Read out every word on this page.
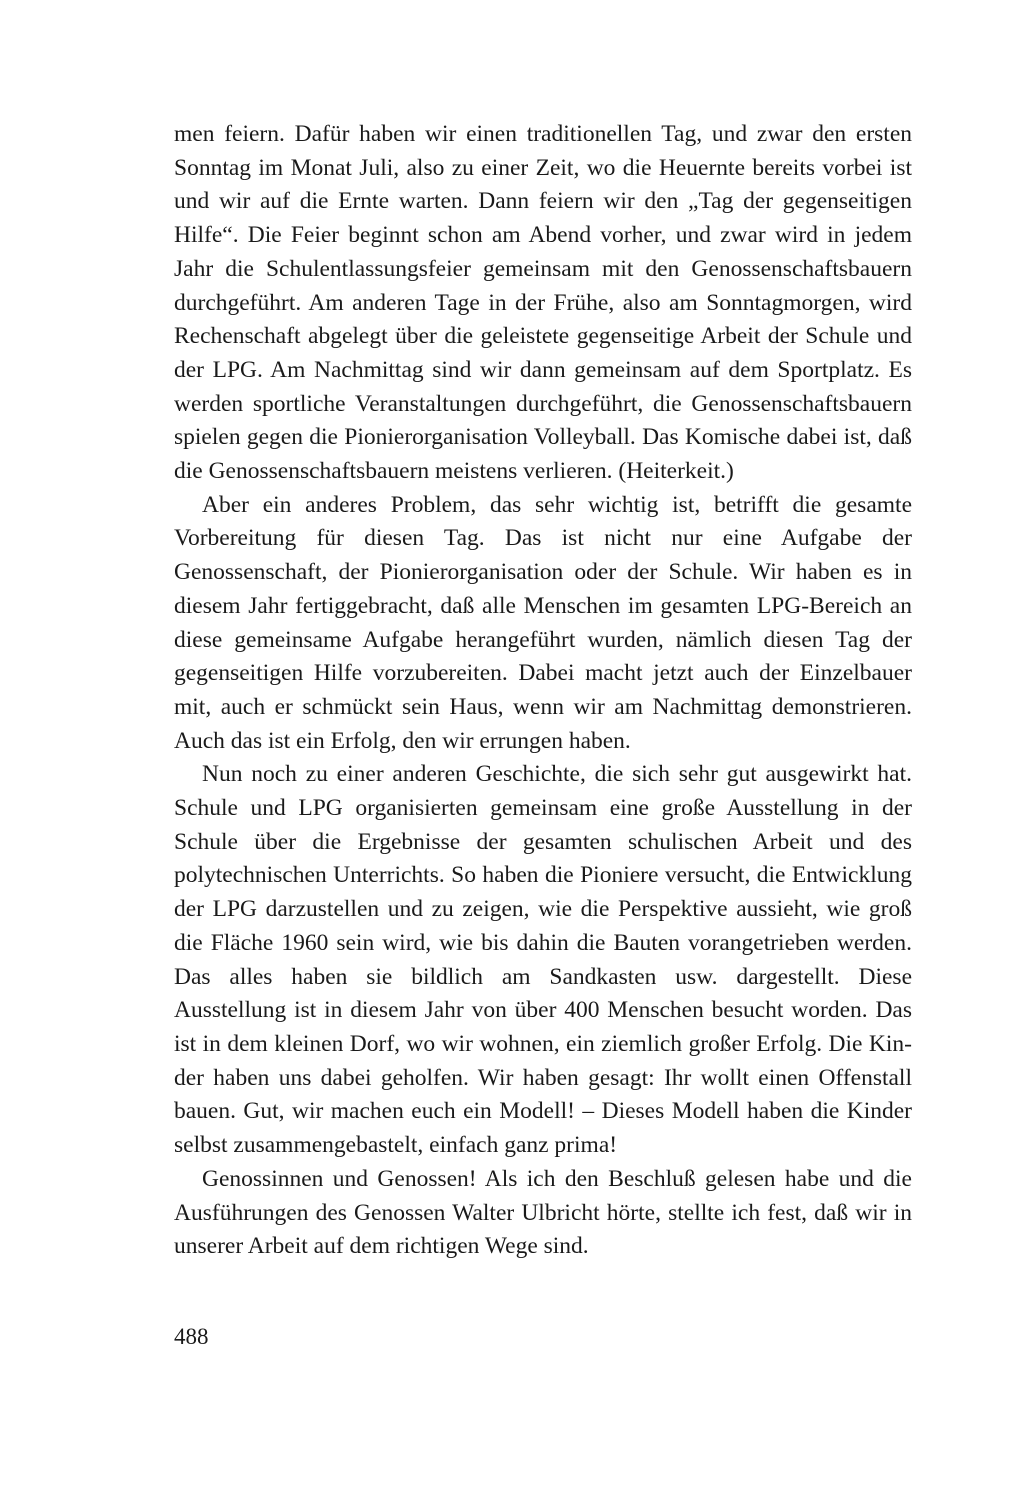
men feiern. Dafür haben wir einen traditionellen Tag, und zwar den ersten Sonntag im Monat Juli, also zu einer Zeit, wo die Heuernte bereits vorbei ist und wir auf die Ernte warten. Dann feiern wir den „Tag der gegenseitigen Hilfe“. Die Feier beginnt schon am Abend vorher, und zwar wird in jedem Jahr die Schulentlassungsfeier gemeinsam mit den Genossenschaftsbauern durchgeführt. Am anderen Tage in der Frühe, also am Sonntagmorgen, wird Rechenschaft abgelegt über die geleistete gegenseitige Arbeit der Schule und der LPG. Am Nachmittag sind wir dann gemeinsam auf dem Sportplatz. Es werden sportliche Veranstaltungen durchgeführt, die Genossenschaftsbauern spielen gegen die Pionierorganisation Volleyball. Das Komische dabei ist, daß die Genossenschaftsbauern meistens verlieren. (Heiterkeit.)

Aber ein anderes Problem, das sehr wichtig ist, betrifft die gesamte Vorbereitung für diesen Tag. Das ist nicht nur eine Aufgabe der Genossenschaft, der Pionierorganisation oder der Schule. Wir haben es in diesem Jahr fertiggebracht, daß alle Menschen im gesamten LPG-Bereich an diese gemeinsame Aufgabe herangeführt wurden, nämlich diesen Tag der gegenseitigen Hilfe vorzubereiten. Dabei macht jetzt auch der Einzelbauer mit, auch er schmückt sein Haus, wenn wir am Nachmittag demonstrieren. Auch das ist ein Erfolg, den wir errungen haben.

Nun noch zu einer anderen Geschichte, die sich sehr gut ausgewirkt hat. Schule und LPG organisierten gemeinsam eine große Ausstellung in der Schule über die Ergebnisse der gesamten schulischen Arbeit und des polytechnischen Unterrichts. So haben die Pioniere versucht, die Entwicklung der LPG darzustellen und zu zeigen, wie die Perspektive aussieht, wie groß die Fläche 1960 sein wird, wie bis dahin die Bauten vorangetrieben werden. Das alles haben sie bildlich am Sandkasten usw. dargestellt. Diese Ausstellung ist in diesem Jahr von über 400 Menschen besucht worden. Das ist in dem kleinen Dorf, wo wir wohnen, ein ziemlich großer Erfolg. Die Kinder haben uns dabei geholfen. Wir haben gesagt: Ihr wollt einen Offenstall bauen. Gut, wir machen euch ein Modell! – Dieses Modell haben die Kinder selbst zusammengebastelt, einfach ganz prima!

Genossinnen und Genossen! Als ich den Beschluß gelesen habe und die Ausführungen des Genossen Walter Ulbricht hörte, stellte ich fest, daß wir in unserer Arbeit auf dem richtigen Wege sind.

488
